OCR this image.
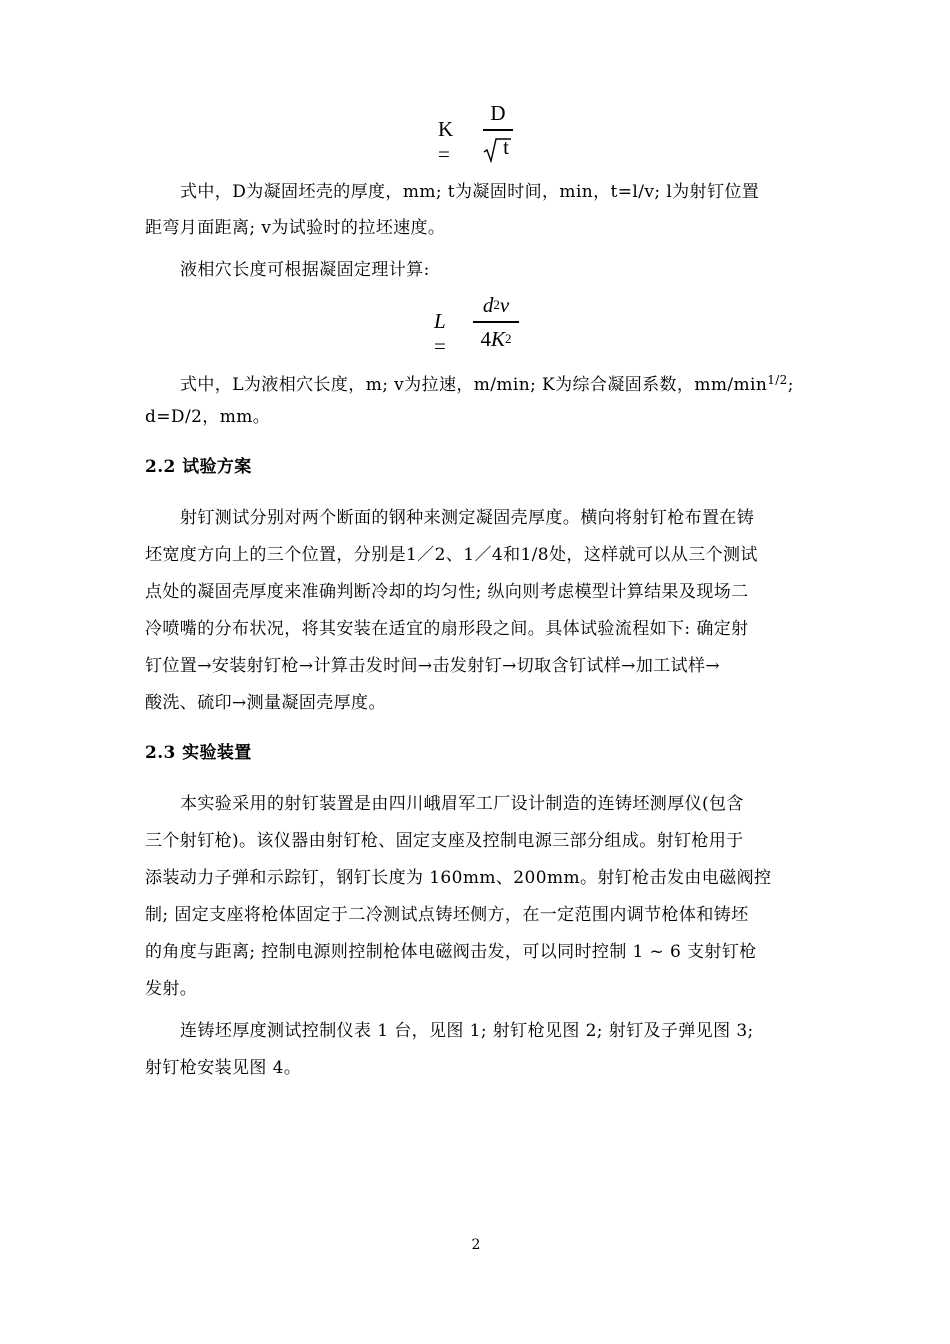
K =
D
t
式中，D为凝固坯壳的厚度，mm; t为凝固时间，min，t=l/v; l为射钉位置
距弯月面距离; v为试验时的拉坯速度。
液相穴长度可根据凝固定理计算:
L =
d2v
4K2
式中，L为液相穴长度，m; v为拉速，m/min; K为综合凝固系数，$mm/\min^{1/2}$;
d=D/2，mm。
2.2 试验方案
射钉测试分别对两个断面的钢种来测定凝固壳厚度。横向将射钉枪布置在铸
坯宽度方向上的三个位置，分别是1／2、1／4和1/8处，这样就可以从三个测试
点处的凝固壳厚度来准确判断冷却的均匀性; 纵向则考虑模型计算结果及现场二
冷喷嘴的分布状况，将其安装在适宜的扇形段之间。具体试验流程如下: 确定射
钉位置→安装射钉枪→计算击发时间→击发射钉→切取含钉试样→加工试样→
酸洗、硫印→测量凝固壳厚度。
2.3 实验装置
本实验采用的射钉装置是由四川峨眉军工厂设计制造的连铸坯测厚仪(包含
三个射钉枪)。该仪器由射钉枪、固定支座及控制电源三部分组成。射钉枪用于
添装动力子弹和示踪钉，钢钉长度为 160mm、200mm。射钉枪击发由电磁阀控
制; 固定支座将枪体固定于二冷测试点铸坯侧方，在一定范围内调节枪体和铸坯
的角度与距离; 控制电源则控制枪体电磁阀击发，可以同时控制 1 ~ 6 支射钉枪
发射。
连铸坯厚度测试控制仪表 1 台，见图 1; 射钉枪见图 2; 射钉及子弹见图 3;
射钉枪安装见图 4。
2
